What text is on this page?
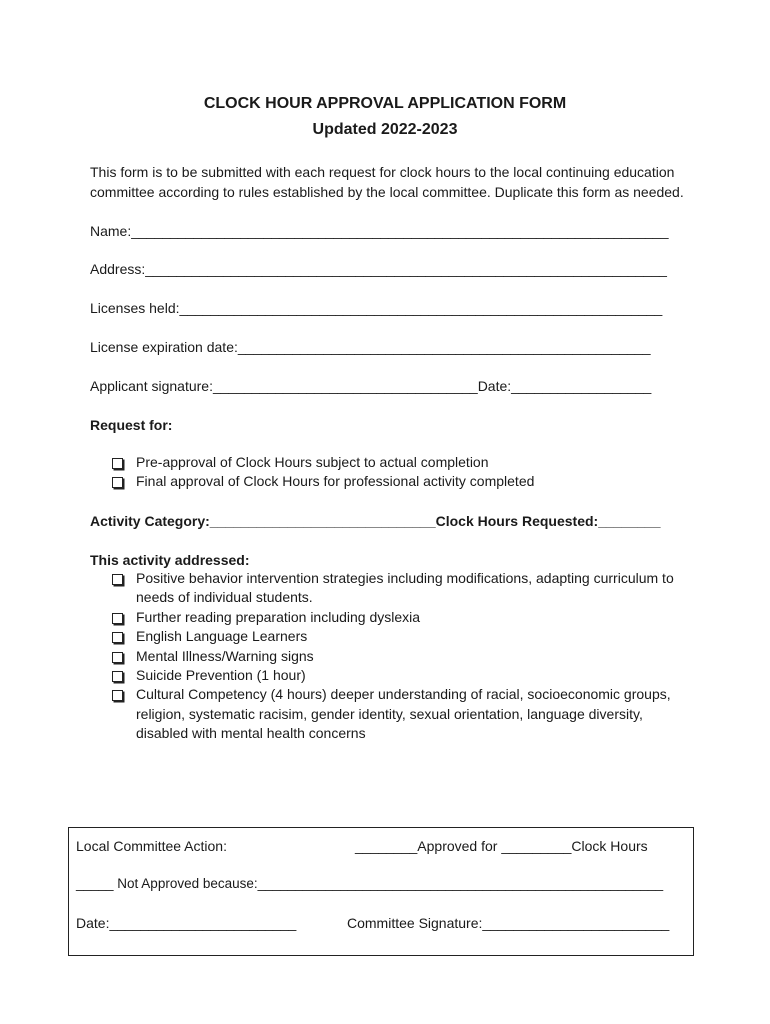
CLOCK HOUR APPROVAL APPLICATION FORM
Updated 2022-2023
This form is to be submitted with each request for clock hours to the local continuing education committee according to rules established by the local committee. Duplicate this form as needed.
Name:_____________________________________________________________________
Address:___________________________________________________________________
Licenses held:______________________________________________________________
License expiration date:_____________________________________________________
Applicant signature:__________________________________Date:__________________
Request for:
Pre-approval of Clock Hours subject to actual completion
Final approval of Clock Hours for professional activity completed
Activity Category:_____________________________Clock Hours Requested:________
This activity addressed:
Positive behavior intervention strategies including modifications, adapting curriculum to needs of individual students.
Further reading preparation including dyslexia
English Language Learners
Mental Illness/Warning signs
Suicide Prevention (1 hour)
Cultural Competency (4 hours) deeper understanding of racial, socioeconomic groups, religion, systematic racisim, gender identity, sexual orientation, language diversity, disabled with mental health concerns
Local Committee Action:	________Approved for _________Clock Hours
_____ Not Approved because:______________________________________________________
Date:________________________	Committee Signature:________________________
